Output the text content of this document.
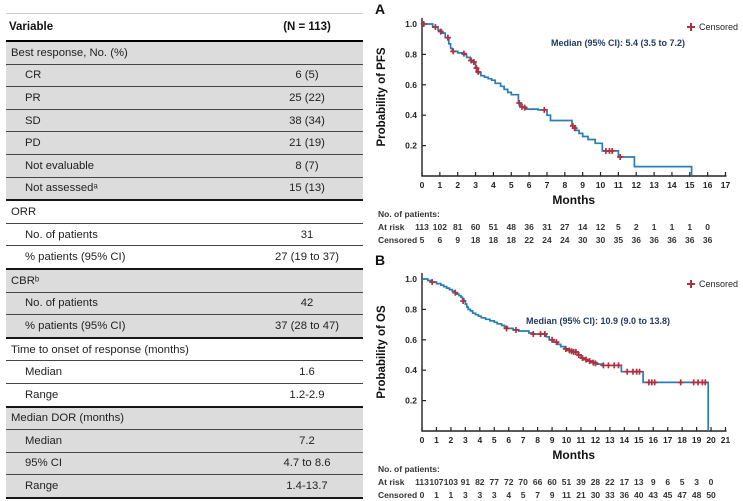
Variable	(N = 113)
Best response, No. (%)
CR	6 (5)
PR	25 (22)
SD	38 (34)
PD	21 (19)
Not evaluable	8 (7)
Not assessedᵃ	15 (13)
ORR
No. of patients	31
% patients (95% CI)	27 (19 to 37)
CBRᵇ
No. of patients	42
% patients (95% CI)	37 (28 to 47)
Time to onset of response (months)
Median	1.6
Range	1.2-2.9
Median DOR (months)
Median	7.2
95% CI	4.7 to 8.6
Range	1.4-13.7
A
0.2
0.4
0.6
0.8
1.0
0 1 2 3 4 5 6 7 8 9 10 11 12 13 14 15 16 17
Probability of PFS
Months
Median (95% CI): 5.4 (3.5 to 7.2)
Censored
No. of patients:
At risk 113 102 81 60 51 48 36 31 27 14 12 5 2 1 1 1 0
Censored 5 6 9 18 18 18 22 24 24 30 30 35 36 36 36 36 36
B
0.2
0.4
0.6
0.8
1.0
0 1 2 3 4 5 6 7 8 9 10 11 12 13 14 15 16 17 18 19 20 21
Probability of OS
Months
Median (95% CI): 10.9 (9.0 to 13.8)
Censored
No. of patients:
At risk 113 107 103 91 82 77 72 70 66 60 51 39 28 22 17 13 9 6 5 3 0
Censored 0 1 1 3 3 3 4 5 7 9 11 21 30 33 36 40 43 45 47 48 50
